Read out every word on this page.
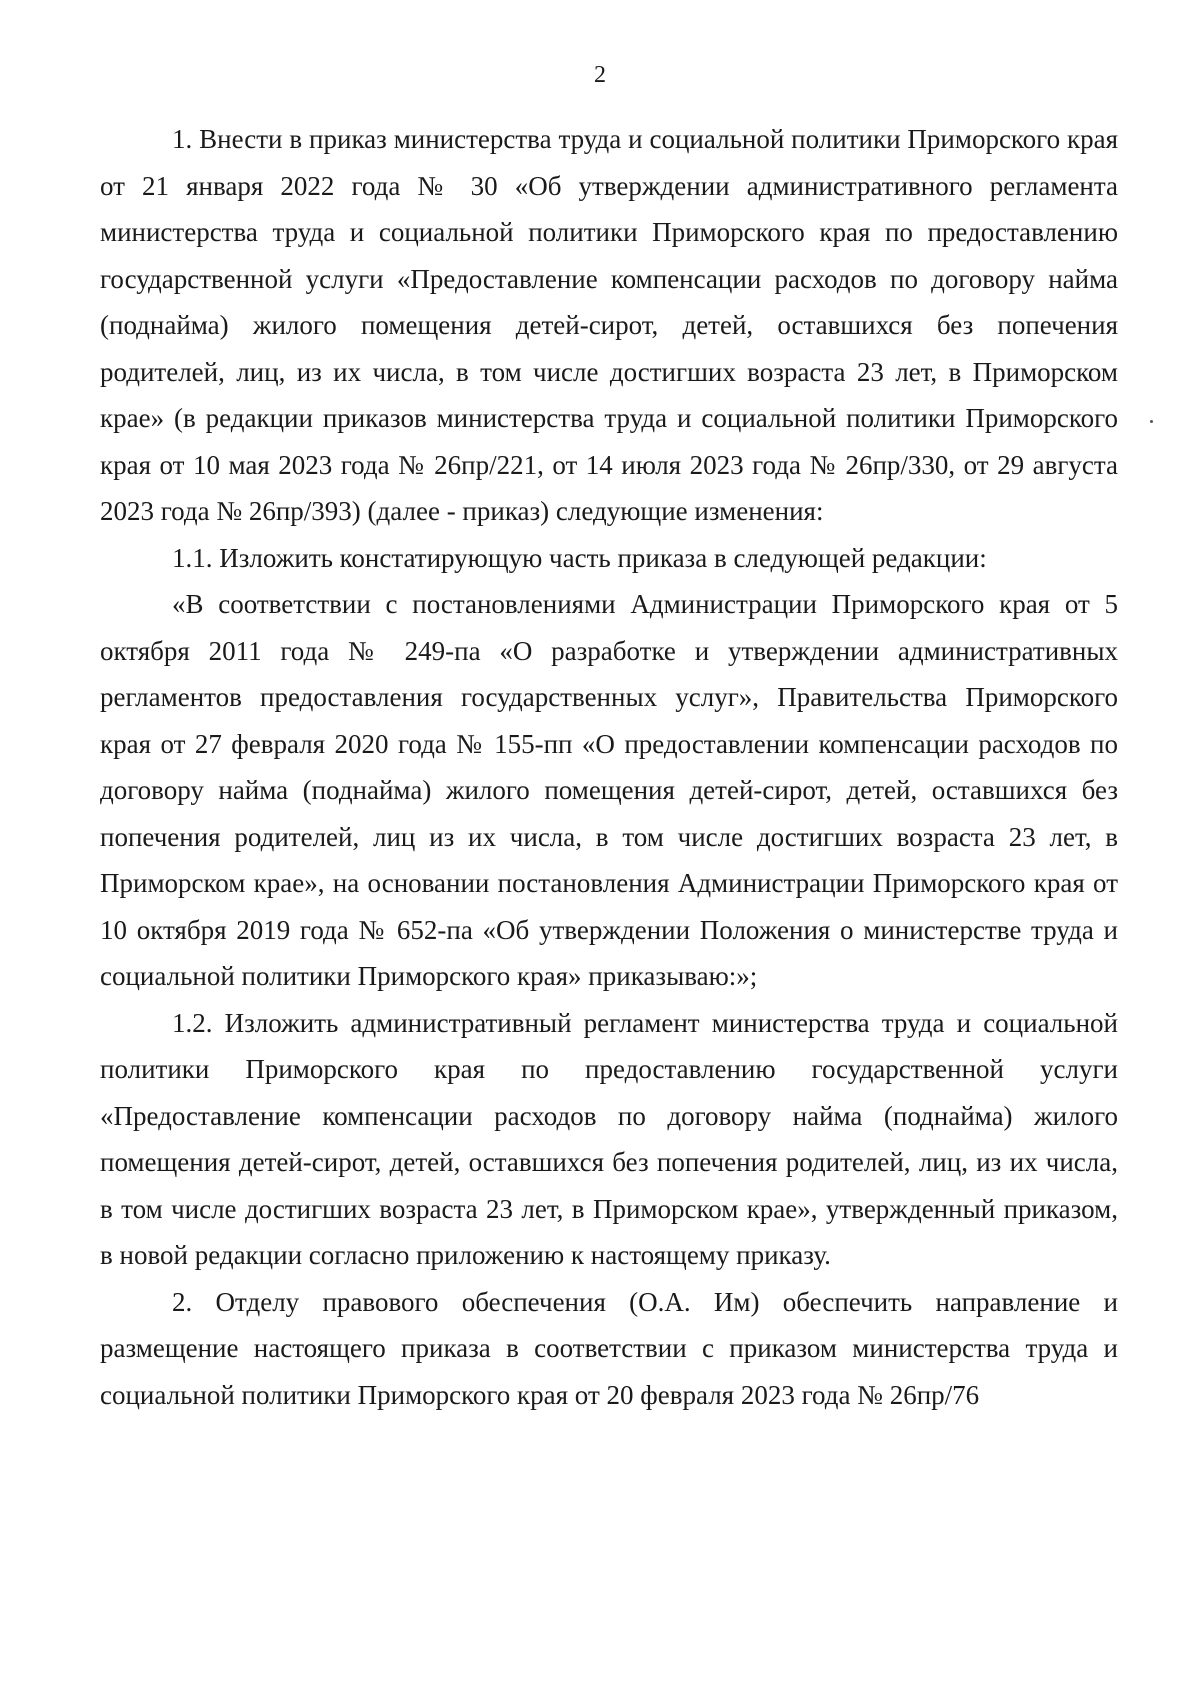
2

1. Внести в приказ министерства труда и социальной политики Приморского края от 21 января 2022 года № 30 «Об утверждении административного регламента министерства труда и социальной политики Приморского края по предоставлению государственной услуги «Предоставление компенсации расходов по договору найма (поднайма) жилого помещения детей-сирот, детей, оставшихся без попечения родителей, лиц, из их числа, в том числе достигших возраста 23 лет, в Приморском крае» (в редакции приказов министерства труда и социальной политики Приморского края от 10 мая 2023 года № 26пр/221, от 14 июля 2023 года № 26пр/330, от 29 августа 2023 года № 26пр/393) (далее - приказ) следующие изменения:

1.1. Изложить констатирующую часть приказа в следующей редакции:

«В соответствии с постановлениями Администрации Приморского края от 5 октября 2011 года № 249-па «О разработке и утверждении административных регламентов предоставления государственных услуг», Правительства Приморского края от 27 февраля 2020 года № 155-пп «О предоставлении компенсации расходов по договору найма (поднайма) жилого помещения детей-сирот, детей, оставшихся без попечения родителей, лиц из их числа, в том числе достигших возраста 23 лет, в Приморском крае», на основании постановления Администрации Приморского края от 10 октября 2019 года № 652-па «Об утверждении Положения о министерстве труда и социальной политики Приморского края» приказываю:»;

1.2. Изложить административный регламент министерства труда и социальной политики Приморского края по предоставлению государственной услуги «Предоставление компенсации расходов по договору найма (поднайма) жилого помещения детей-сирот, детей, оставшихся без попечения родителей, лиц, из их числа, в том числе достигших возраста 23 лет, в Приморском крае», утвержденный приказом, в новой редакции согласно приложению к настоящему приказу.

2. Отделу правового обеспечения (О.А. Им) обеспечить направление и размещение настоящего приказа в соответствии с приказом министерства труда и социальной политики Приморского края от 20 февраля 2023 года № 26пр/76
